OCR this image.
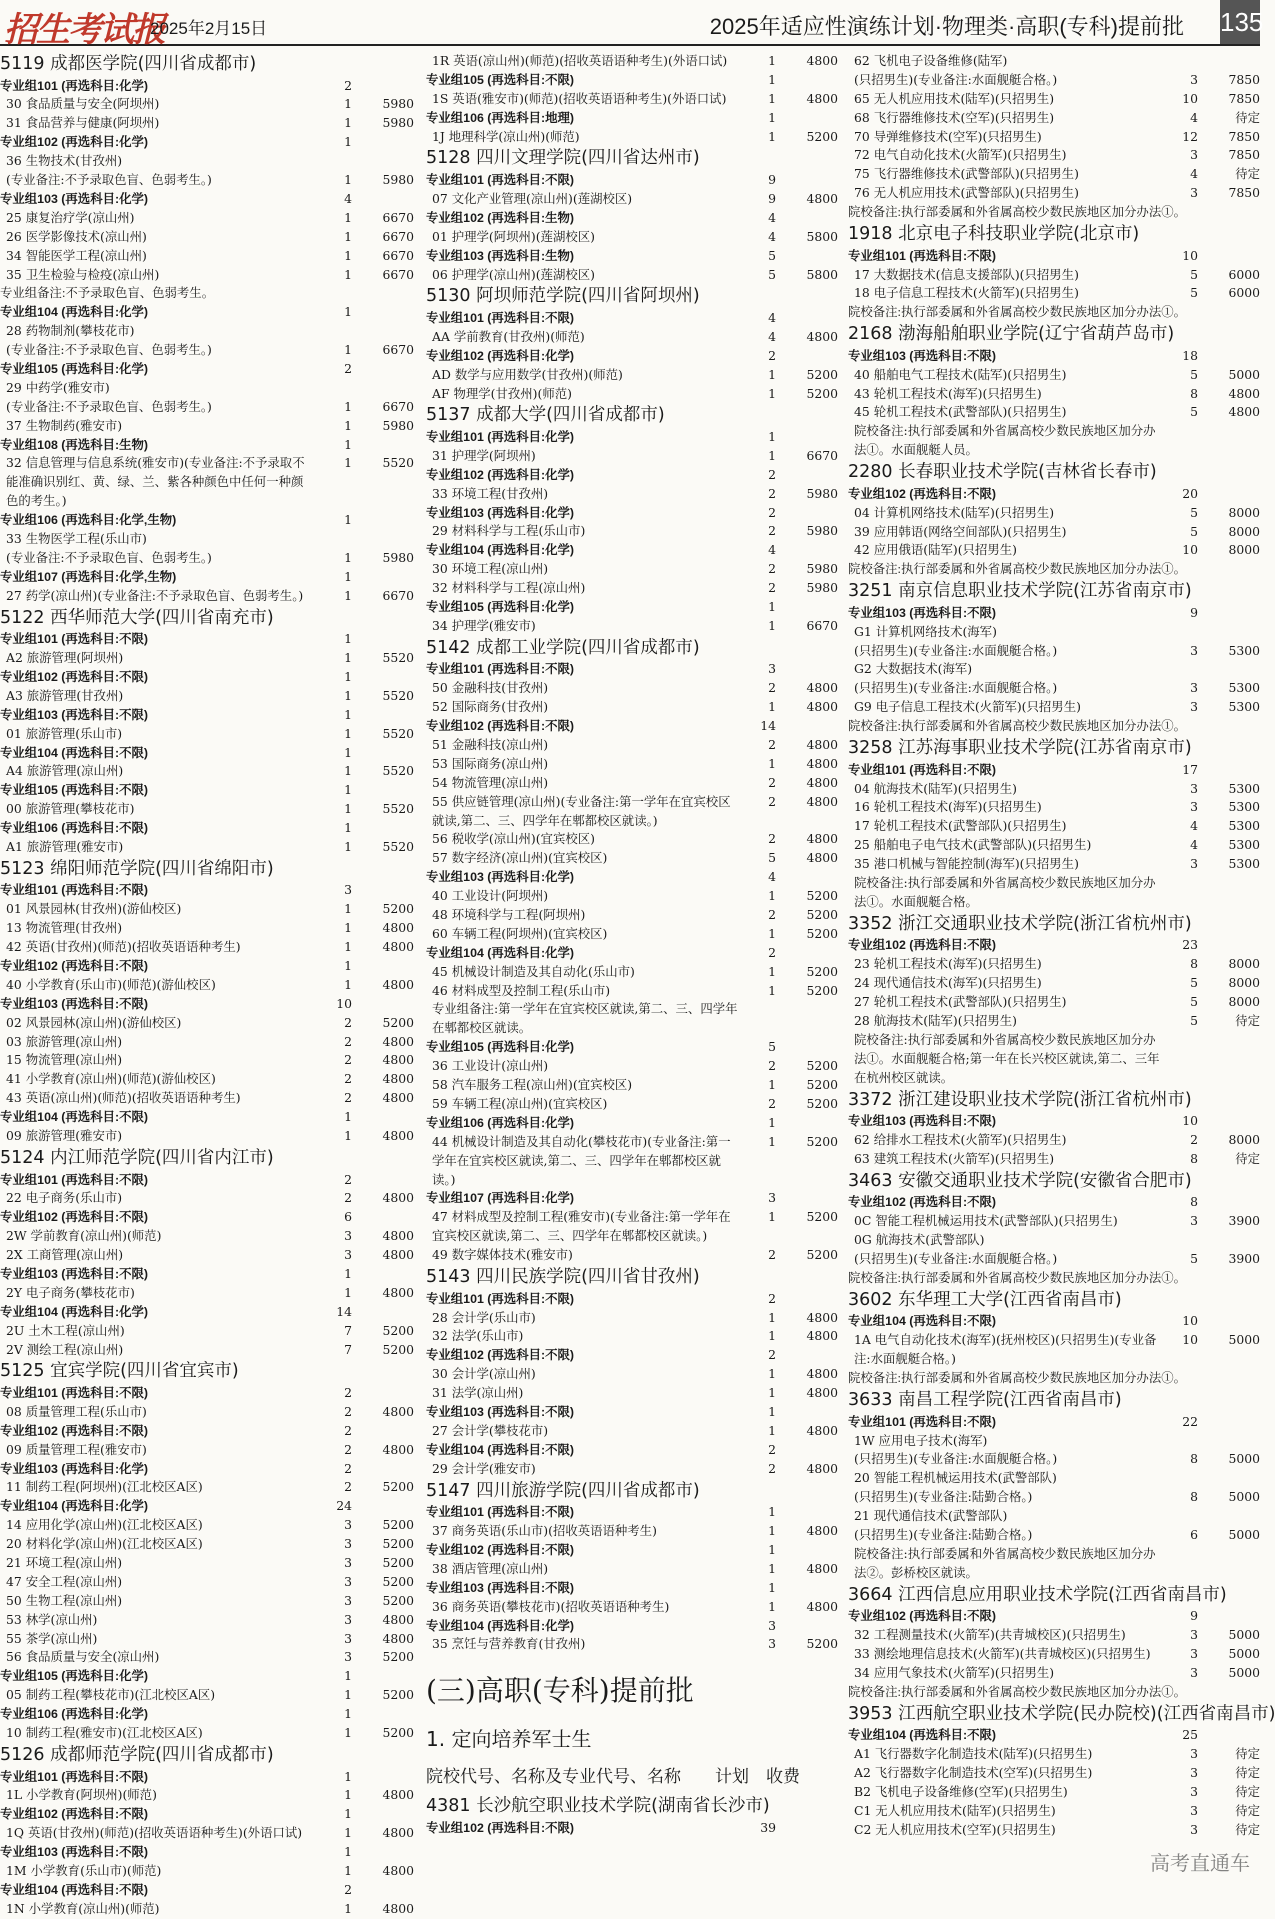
招生考试报
2025年2月15日	2025年适应性演练计划·物理类·高职(专科)提前批 135
5119 成都医学院(四川省成都市)
专业组101 (再选科目:化学)	2
30 食品质量与安全(阿坝州)	1	5980
31 食品营养与健康(阿坝州)	1	5980
专业组102 (再选科目:化学)	1
36 生物技术(甘孜州)
(专业备注:不予录取色盲、色弱考生。)	1	5980
专业组103 (再选科目:化学)	4
25 康复治疗学(凉山州)	1	6670
26 医学影像技术(凉山州)	1	6670
34 智能医学工程(凉山州)	1	6670
35 卫生检验与检疫(凉山州)	1	6670
专业组备注:不予录取色盲、色弱考生。
专业组104 (再选科目:化学)	1
28 药物制剂(攀枝花市)
(专业备注:不予录取色盲、色弱考生。)	1	6670
专业组105 (再选科目:化学)	2
29 中药学(雅安市)
(专业备注:不予录取色盲、色弱考生。)	1	6670
37 生物制药(雅安市)	1	5980
专业组108 (再选科目:生物)	1
32 信息管理与信息系统(雅安市)(专业备注:不予录取不能准确识别红、黄、绿、兰、紫各种颜色中任何一种颜色的考生。)
1	5520
专业组106 (再选科目:化学,生物)	1
33 生物医学工程(乐山市)
(专业备注:不予录取色盲、色弱考生。)	1	5980
专业组107 (再选科目:化学,生物)	1
27 药学(凉山州)(专业备注:不予录取色盲、色弱考生。)	1	6670
5122 西华师范大学(四川省南充市)
专业组101 (再选科目:不限)	1
A2 旅游管理(阿坝州)	1	5520
专业组102 (再选科目:不限)	1
A3 旅游管理(甘孜州)	1	5520
专业组103 (再选科目:不限)	1
01 旅游管理(乐山市)	1	5520
专业组104 (再选科目:不限)	1
A4 旅游管理(凉山州)	1	5520
专业组105 (再选科目:不限)	1
00 旅游管理(攀枝花市)	1	5520
专业组106 (再选科目:不限)	1
A1 旅游管理(雅安市)	1	5520
5123 绵阳师范学院(四川省绵阳市)
专业组101 (再选科目:不限)	3
01 风景园林(甘孜州)(游仙校区)	1	5200
13 物流管理(甘孜州)	1	4800
42 英语(甘孜州)(师范)(招收英语语种考生)	1	4800
专业组102 (再选科目:不限)	1
40 小学教育(乐山市)(师范)(游仙校区)	1	4800
专业组103 (再选科目:不限)	10
02 风景园林(凉山州)(游仙校区)	2	5200
03 旅游管理(凉山州)	2	4800
15 物流管理(凉山州)	2	4800
41 小学教育(凉山州)(师范)(游仙校区)	2	4800
43 英语(凉山州)(师范)(招收英语语种考生)	2	4800
专业组104 (再选科目:不限)	1
09 旅游管理(雅安市)	1	4800
5124 内江师范学院(四川省内江市)
专业组101 (再选科目:不限)	2
22 电子商务(乐山市)	2	4800
专业组102 (再选科目:不限)	6
2W 学前教育(凉山州)(师范)	3	4800
2X 工商管理(凉山州)	3	4800
专业组103 (再选科目:不限)	1
2Y 电子商务(攀枝花市)	1	4800
专业组104 (再选科目:化学)	14
2U 土木工程(凉山州)	7	5200
2V 测绘工程(凉山州)	7	5200
5125 宜宾学院(四川省宜宾市)
专业组101 (再选科目:不限)	2
08 质量管理工程(乐山市)	2	4800
专业组102 (再选科目:不限)	2
09 质量管理工程(雅安市)	2	4800
专业组103 (再选科目:化学)	2
11 制药工程(阿坝州)(江北校区A区)	2	5200
专业组104 (再选科目:化学)	24
14 应用化学(凉山州)(江北校区A区)	3	5200
20 材料化学(凉山州)(江北校区A区)	3	5200
21 环境工程(凉山州)	3	5200
47 安全工程(凉山州)	3	5200
50 生物工程(凉山州)	3	5200
53 林学(凉山州)	3	4800
55 茶学(凉山州)	3	4800
56 食品质量与安全(凉山州)	3	5200
专业组105 (再选科目:化学)	1
05 制药工程(攀枝花市)(江北校区A区)	1	5200
专业组106 (再选科目:化学)	1
10 制药工程(雅安市)(江北校区A区)	1	5200
5126 成都师范学院(四川省成都市)
专业组101 (再选科目:不限)	1
1L 小学教育(阿坝州)(师范)	1	4800
专业组102 (再选科目:不限)	1
1Q 英语(甘孜州)(师范)(招收英语语种考生)(外语口试)	1	4800
专业组103 (再选科目:不限)	1
1M 小学教育(乐山市)(师范)	1	4800
专业组104 (再选科目:不限)	2
1N 小学教育(凉山州)(师范)	1	4800
1R 英语(凉山州)(师范)(招收英语语种考生)(外语口试)	1	4800
专业组105 (再选科目:不限)	1
1S 英语(雅安市)(师范)(招收英语语种考生)(外语口试)	1	4800
专业组106 (再选科目:地理)	1
1J 地理科学(凉山州)(师范)	1	5200
5128 四川文理学院(四川省达州市)
专业组101 (再选科目:不限)	9
07 文化产业管理(凉山州)(莲湖校区)	9	4800
专业组102 (再选科目:生物)	4
01 护理学(阿坝州)(莲湖校区)	4	5800
专业组103 (再选科目:生物)	5
06 护理学(凉山州)(莲湖校区)	5	5800
5130 阿坝师范学院(四川省阿坝州)
专业组101 (再选科目:不限)	4
AA 学前教育(甘孜州)(师范)	4	4800
专业组102 (再选科目:化学)	2
AD 数学与应用数学(甘孜州)(师范)	1	5200
AF 物理学(甘孜州)(师范)	1	5200
5137 成都大学(四川省成都市)
专业组101 (再选科目:化学)	1
31 护理学(阿坝州)	1	6670
专业组102 (再选科目:化学)	2
33 环境工程(甘孜州)	2	5980
专业组103 (再选科目:化学)	2
29 材料科学与工程(乐山市)	2	5980
专业组104 (再选科目:化学)	4
30 环境工程(凉山州)	2	5980
32 材料科学与工程(凉山州)	2	5980
专业组105 (再选科目:化学)	1
34 护理学(雅安市)	1	6670
5142 成都工业学院(四川省成都市)
专业组101 (再选科目:不限)	3
50 金融科技(甘孜州)	2	4800
52 国际商务(甘孜州)	1	4800
专业组102 (再选科目:不限)	14
51 金融科技(凉山州)	2	4800
53 国际商务(凉山州)	1	4800
54 物流管理(凉山州)	2	4800
55 供应链管理(凉山州)(专业备注:第一学年在宜宾校区就读,第二、三、四学年在郫都校区就读。)
2	4800
56 税收学(凉山州)(宜宾校区)	2	4800
57 数字经济(凉山州)(宜宾校区)	5	4800
专业组103 (再选科目:化学)	4
40 工业设计(阿坝州)	1	5200
48 环境科学与工程(阿坝州)	2	5200
60 车辆工程(阿坝州)(宜宾校区)	1	5200
专业组104 (再选科目:化学)	2
45 机械设计制造及其自动化(乐山市)	1	5200
46 材料成型及控制工程(乐山市)	1	5200
专业组备注:第一学年在宜宾校区就读,第二、三、四学年在郫都校区就读。
专业组105 (再选科目:化学)	5
36 工业设计(凉山州)	2	5200
58 汽车服务工程(凉山州)(宜宾校区)	1	5200
59 车辆工程(凉山州)(宜宾校区)	2	5200
专业组106 (再选科目:化学)	1
44 机械设计制造及其自动化(攀枝花市)(专业备注:第一学年在宜宾校区就读,第二、三、四学年在郫都校区就读。)
1	5200
专业组107 (再选科目:化学)	3
47 材料成型及控制工程(雅安市)(专业备注:第一学年在宜宾校区就读,第二、三、四学年在郫都校区就读。)
1	5200
49 数字媒体技术(雅安市)	2	5200
5143 四川民族学院(四川省甘孜州)
专业组101 (再选科目:不限)	2
28 会计学(乐山市)	1	4800
32 法学(乐山市)	1	4800
专业组102 (再选科目:不限)	2
30 会计学(凉山州)	1	4800
31 法学(凉山州)	1	4800
专业组103 (再选科目:不限)	1
27 会计学(攀枝花市)	1	4800
专业组104 (再选科目:不限)	2
29 会计学(雅安市)	2	4800
5147 四川旅游学院(四川省成都市)
专业组101 (再选科目:不限)	1
37 商务英语(乐山市)(招收英语语种考生)	1	4800
专业组102 (再选科目:不限)	1
38 酒店管理(凉山州)	1	4800
专业组103 (再选科目:不限)	1
36 商务英语(攀枝花市)(招收英语语种考生)	1	4800
专业组104 (再选科目:化学)	3
35 烹饪与营养教育(甘孜州)	3	5200
(三)高职(专科)提前批
1. 定向培养军士生
院校代号、名称及专业代号、名称　　计划　收费
4381 长沙航空职业技术学院(湖南省长沙市)
专业组102 (再选科目:不限)	39
62 飞机电子设备维修(陆军)
(只招男生)(专业备注:水面舰艇合格。)	3	7850
65 无人机应用技术(陆军)(只招男生)	10	7850
68 飞行器维修技术(空军)(只招男生)	4	待定
70 导弹维修技术(空军)(只招男生)	12	7850
72 电气自动化技术(火箭军)(只招男生)	3	7850
75 飞行器维修技术(武警部队)(只招男生)	4	待定
76 无人机应用技术(武警部队)(只招男生)	3	7850
院校备注:执行部委属和外省属高校少数民族地区加分办法①。
1918 北京电子科技职业学院(北京市)
专业组101 (再选科目:不限)	10
17 大数据技术(信息支援部队)(只招男生)	5	6000
18 电子信息工程技术(火箭军)(只招男生)	5	6000
院校备注:执行部委属和外省属高校少数民族地区加分办法①。
2168 渤海船舶职业学院(辽宁省葫芦岛市)
专业组103 (再选科目:不限)	18
40 船舶电气工程技术(陆军)(只招男生)	5	5000
43 轮机工程技术(海军)(只招男生)	8	4800
45 轮机工程技术(武警部队)(只招男生)	5	4800
院校备注:执行部委属和外省属高校少数民族地区加分办法①。水面舰艇人员。
2280 长春职业技术学院(吉林省长春市)
专业组102 (再选科目:不限)	20
04 计算机网络技术(陆军)(只招男生)	5	8000
39 应用韩语(网络空间部队)(只招男生)	5	8000
42 应用俄语(陆军)(只招男生)	10	8000
院校备注:执行部委属和外省属高校少数民族地区加分办法①。
3251 南京信息职业技术学院(江苏省南京市)
专业组103 (再选科目:不限)	9
G1 计算机网络技术(海军)
(只招男生)(专业备注:水面舰艇合格。)	3	5300
G2 大数据技术(海军)
(只招男生)(专业备注:水面舰艇合格。)	3	5300
G9 电子信息工程技术(火箭军)(只招男生)	3	5300
院校备注:执行部委属和外省属高校少数民族地区加分办法①。
3258 江苏海事职业技术学院(江苏省南京市)
专业组101 (再选科目:不限)	17
04 航海技术(陆军)(只招男生)	3	5300
16 轮机工程技术(海军)(只招男生)	3	5300
17 轮机工程技术(武警部队)(只招男生)	4	5300
25 船舶电子电气技术(武警部队)(只招男生)	4	5300
35 港口机械与智能控制(海军)(只招男生)	3	5300
院校备注:执行部委属和外省属高校少数民族地区加分办法①。水面舰艇合格。
3352 浙江交通职业技术学院(浙江省杭州市)
专业组102 (再选科目:不限)	23
23 轮机工程技术(海军)(只招男生)	8	8000
24 现代通信技术(海军)(只招男生)	5	8000
27 轮机工程技术(武警部队)(只招男生)	5	8000
28 航海技术(陆军)(只招男生)	5	待定
院校备注:执行部委属和外省属高校少数民族地区加分办法①。水面舰艇合格;第一年在长兴校区就读,第二、三年在杭州校区就读。
3372 浙江建设职业技术学院(浙江省杭州市)
专业组103 (再选科目:不限)	10
62 给排水工程技术(火箭军)(只招男生)	2	8000
63 建筑工程技术(火箭军)(只招男生)	8	待定
3463 安徽交通职业技术学院(安徽省合肥市)
专业组102 (再选科目:不限)	8
0C 智能工程机械运用技术(武警部队)(只招男生)	3	3900
0G 航海技术(武警部队)
(只招男生)(专业备注:水面舰艇合格。)	5	3900
院校备注:执行部委属和外省属高校少数民族地区加分办法①。
3602 东华理工大学(江西省南昌市)
专业组104 (再选科目:不限)	10
1A 电气自动化技术(海军)(抚州校区)(只招男生)(专业备注:水面舰艇合格。)
10	5000
院校备注:执行部委属和外省属高校少数民族地区加分办法①。
3633 南昌工程学院(江西省南昌市)
专业组101 (再选科目:不限)	22
1W 应用电子技术(海军)
(只招男生)(专业备注:水面舰艇合格。)	8	5000
20 智能工程机械运用技术(武警部队)
(只招男生)(专业备注:陆勤合格。)	8	5000
21 现代通信技术(武警部队)
(只招男生)(专业备注:陆勤合格。)	6	5000
院校备注:执行部委属和外省属高校少数民族地区加分办法②。彭桥校区就读。
3664 江西信息应用职业技术学院(江西省南昌市)
专业组102 (再选科目:不限)	9
32 工程测量技术(火箭军)(共青城校区)(只招男生)	3	5000
33 测绘地理信息技术(火箭军)(共青城校区)(只招男生)	3	5000
34 应用气象技术(火箭军)(只招男生)	3	5000
院校备注:执行部委属和外省属高校少数民族地区加分办法①。
3953 江西航空职业技术学院(民办院校)(江西省南昌市)
专业组104 (再选科目:不限)	25
A1 飞行器数字化制造技术(陆军)(只招男生)	3	待定
A2 飞行器数字化制造技术(空军)(只招男生)	3	待定
B2 飞机电子设备维修(空军)(只招男生)	3	待定
C1 无人机应用技术(陆军)(只招男生)	3	待定
C2 无人机应用技术(空军)(只招男生)	3	待定
高考直通车
